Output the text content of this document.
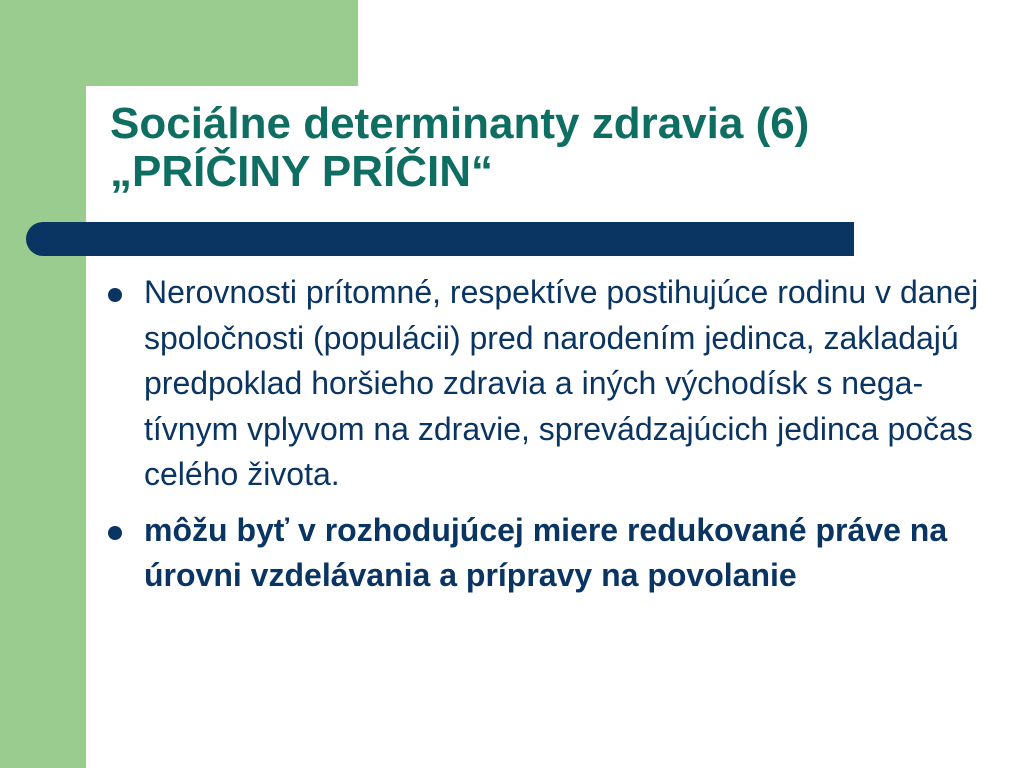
Sociálne determinanty zdravia (6)
„PRÍČINY PRÍČIN“
Nerovnosti prítomné, respektíve postihujúce rodinu v danej spoločnosti (populácii) pred narodením jedinca, zakladajú predpoklad horšieho zdravia a iných východísk s nega-tívnym vplyvom na zdravie, sprevádzajúcich jedinca počas celého života.
môžu byť v rozhodujúcej miere redukované práve na úrovni vzdelávania a prípravy na povolanie
